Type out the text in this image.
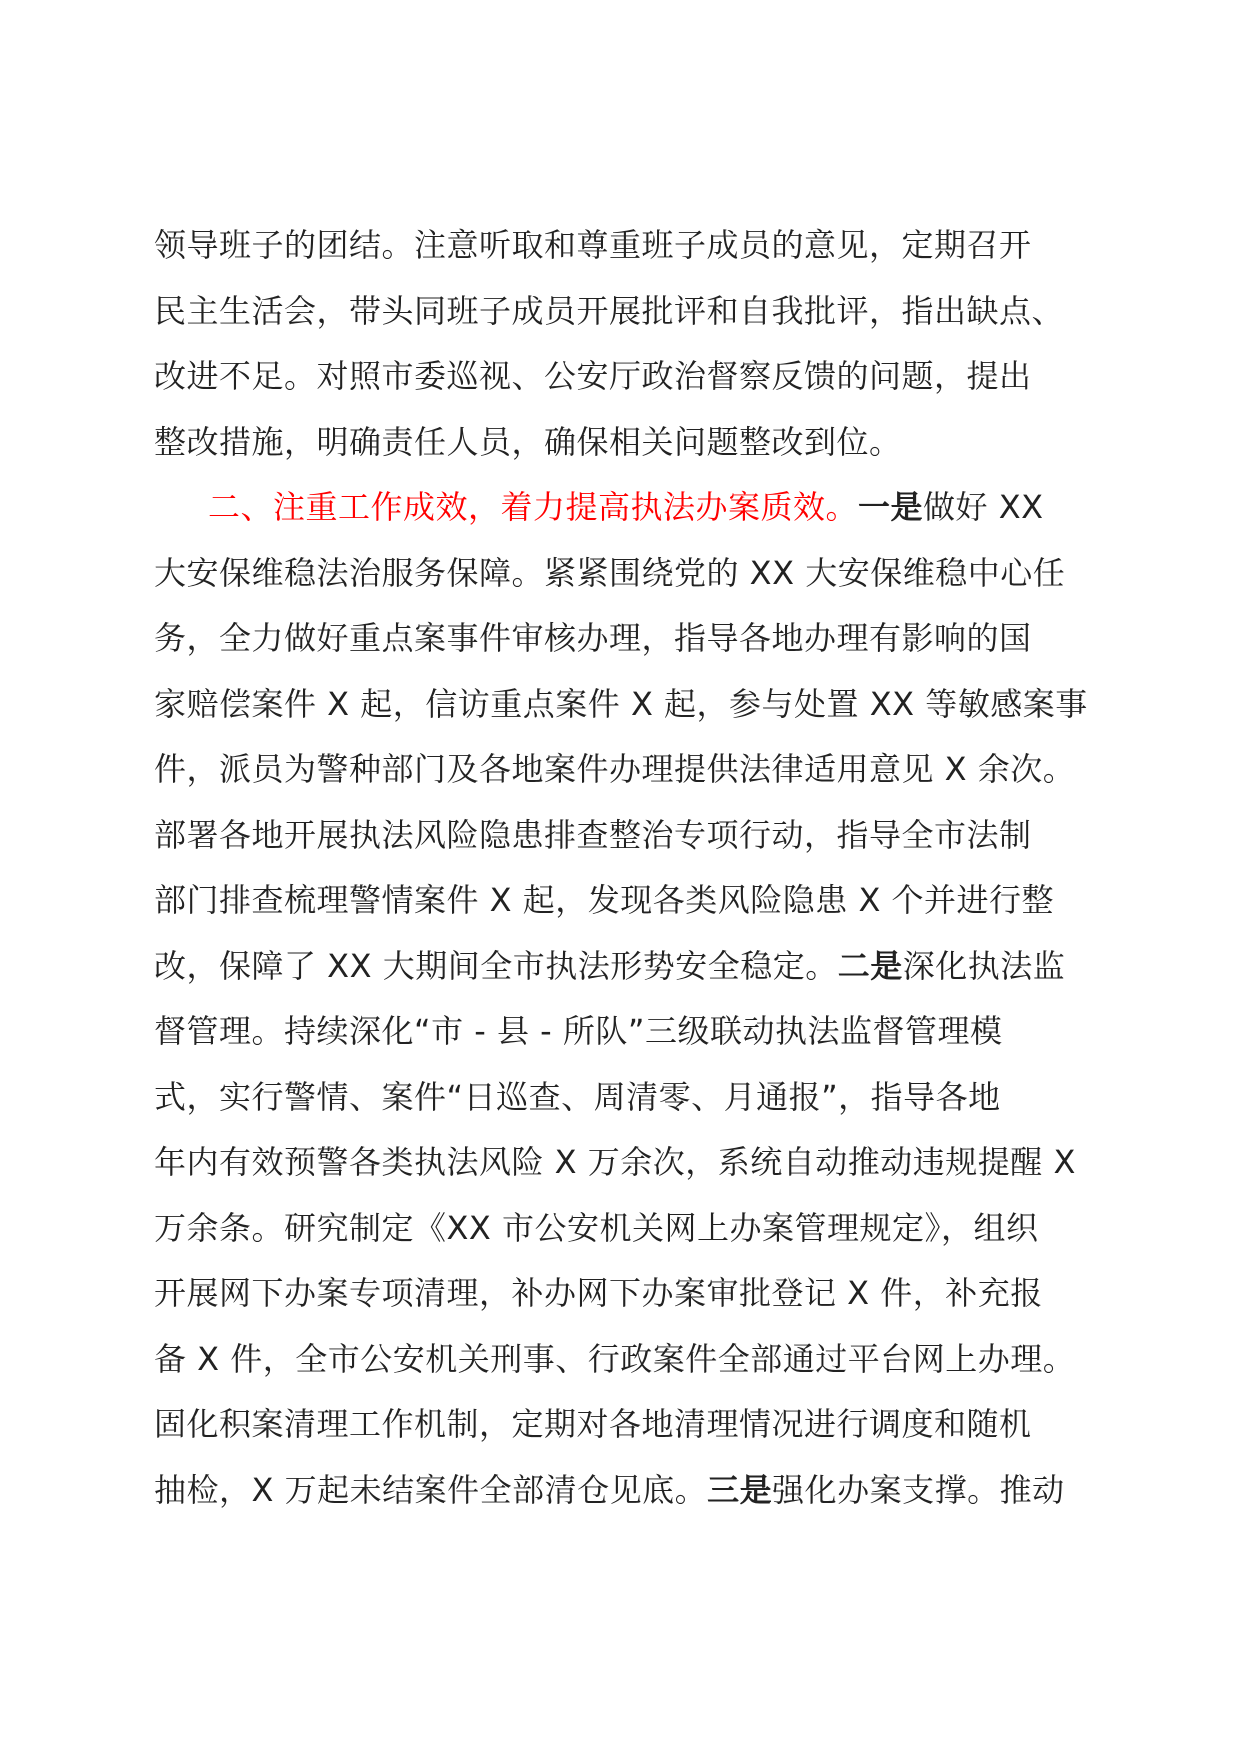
领导班子的团结。注意听取和尊重班子成员的意见，定期召开
民主生活会，带头同班子成员开展批评和自我批评，指出缺点、
改进不足。对照市委巡视、公安厅政治督察反馈的问题，提出
整改措施，明确责任人员，确保相关问题整改到位。
二、注重工作成效，着力提高执法办案质效。一是做好 XX
大安保维稳法治服务保障。紧紧围绕党的 XX 大安保维稳中心任
务，全力做好重点案事件审核办理，指导各地办理有影响的国
家赔偿案件 X 起，信访重点案件 X 起，参与处置 XX 等敏感案事
件，派员为警种部门及各地案件办理提供法律适用意见 X 余次。
部署各地开展执法风险隐患排查整治专项行动，指导全市法制
部门排查梳理警情案件 X 起，发现各类风险隐患 X 个并进行整
改，保障了 XX 大期间全市执法形势安全稳定。二是深化执法监
督管理。持续深化“市 - 县 - 所队”三级联动执法监督管理模
式，实行警情、案件“日巡查、周清零、月通报”，指导各地
年内有效预警各类执法风险 X 万余次，系统自动推动违规提醒 X
万余条。研究制定《XX 市公安机关网上办案管理规定》，组织
开展网下办案专项清理，补办网下办案审批登记 X 件，补充报
备 X 件，全市公安机关刑事、行政案件全部通过平台网上办理。
固化积案清理工作机制，定期对各地清理情况进行调度和随机
抽检，X 万起未结案件全部清仓见底。三是强化办案支撑。推动
